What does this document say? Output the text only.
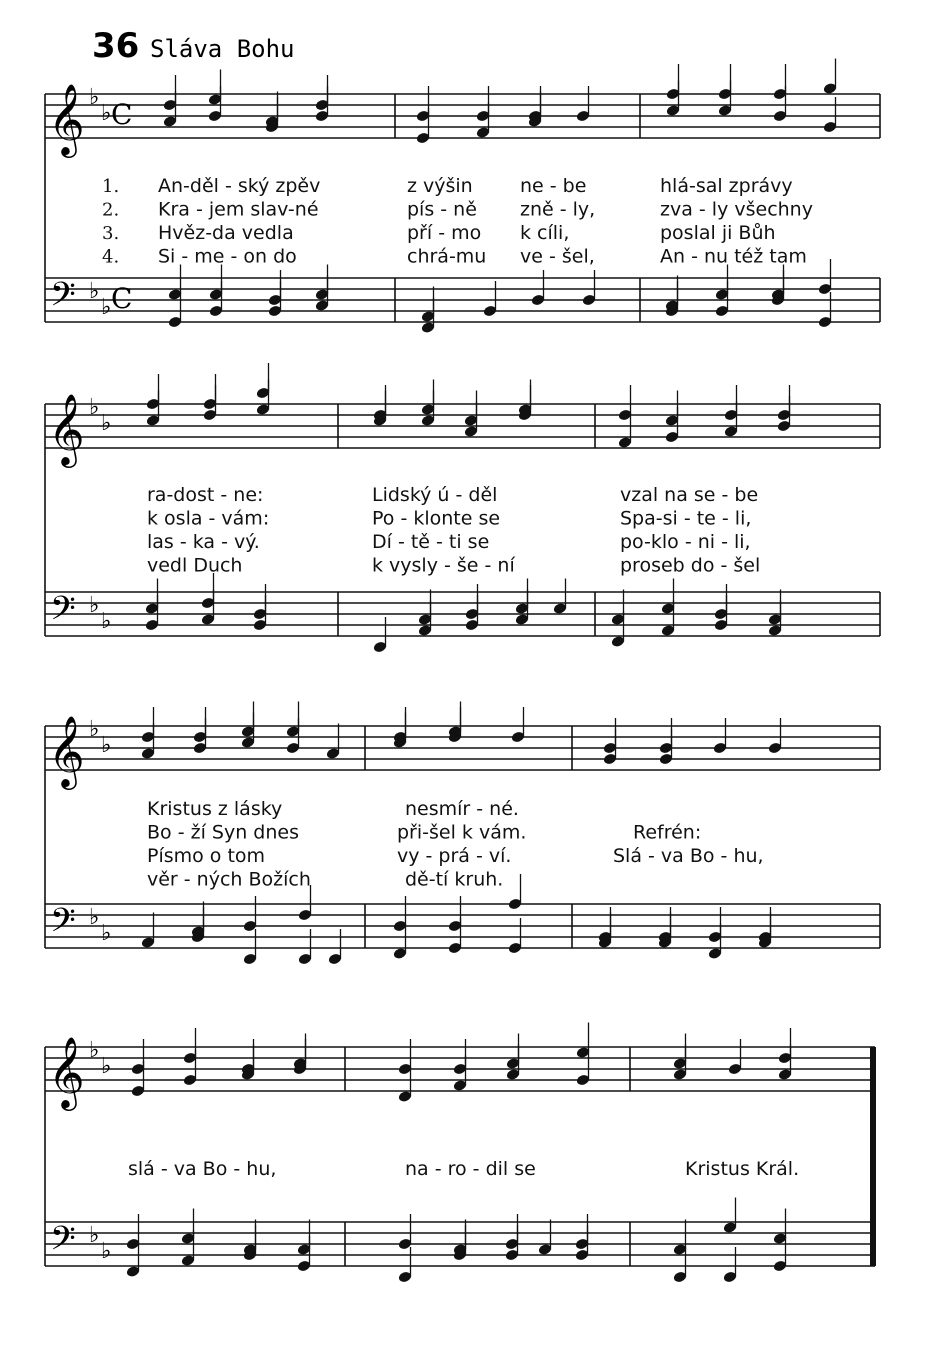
36 Sláva Bohu
𝄞 ♭
♭ C
𝄢 ♭
♭ C
1. An-děl - ský zpěv	z výšin ne - be	hlá-sal zprávy
2. Kra - jem slav-né	pís - ně zně - ly,	zva - ly všechny
3. Hvěz-da vedla	pří - mo k cíli,	poslal ji Bůh
4. Si - me - on do	chrá-mu ve - šel,	An - nu též tam
𝄞 ♭
♭
𝄢 ♭
♭
ra-dost - ne:	Lidský ú - děl	vzal na se - be
k osla - vám:	Po - klonte se	Spa-si - te - li,
las - ka - vý.	Dí - tě - ti se	po-klo - ni - li,
vedl Duch	k vysly - še - ní	proseb do - šel
𝄞 ♭
♭
𝄢 ♭
♭
Kristus z lásky	nesmír - né.
Bo - ží Syn dnes	při-šel k vám.	Refrén:
Písmo o tom	vy - prá - ví.	Slá - va Bo - hu,
věr - ných Božích	dě-tí kruh.
𝄞 ♭
♭
𝄢 ♭
♭
slá - va Bo - hu,	na - ro - dil se	Kristus Král.
